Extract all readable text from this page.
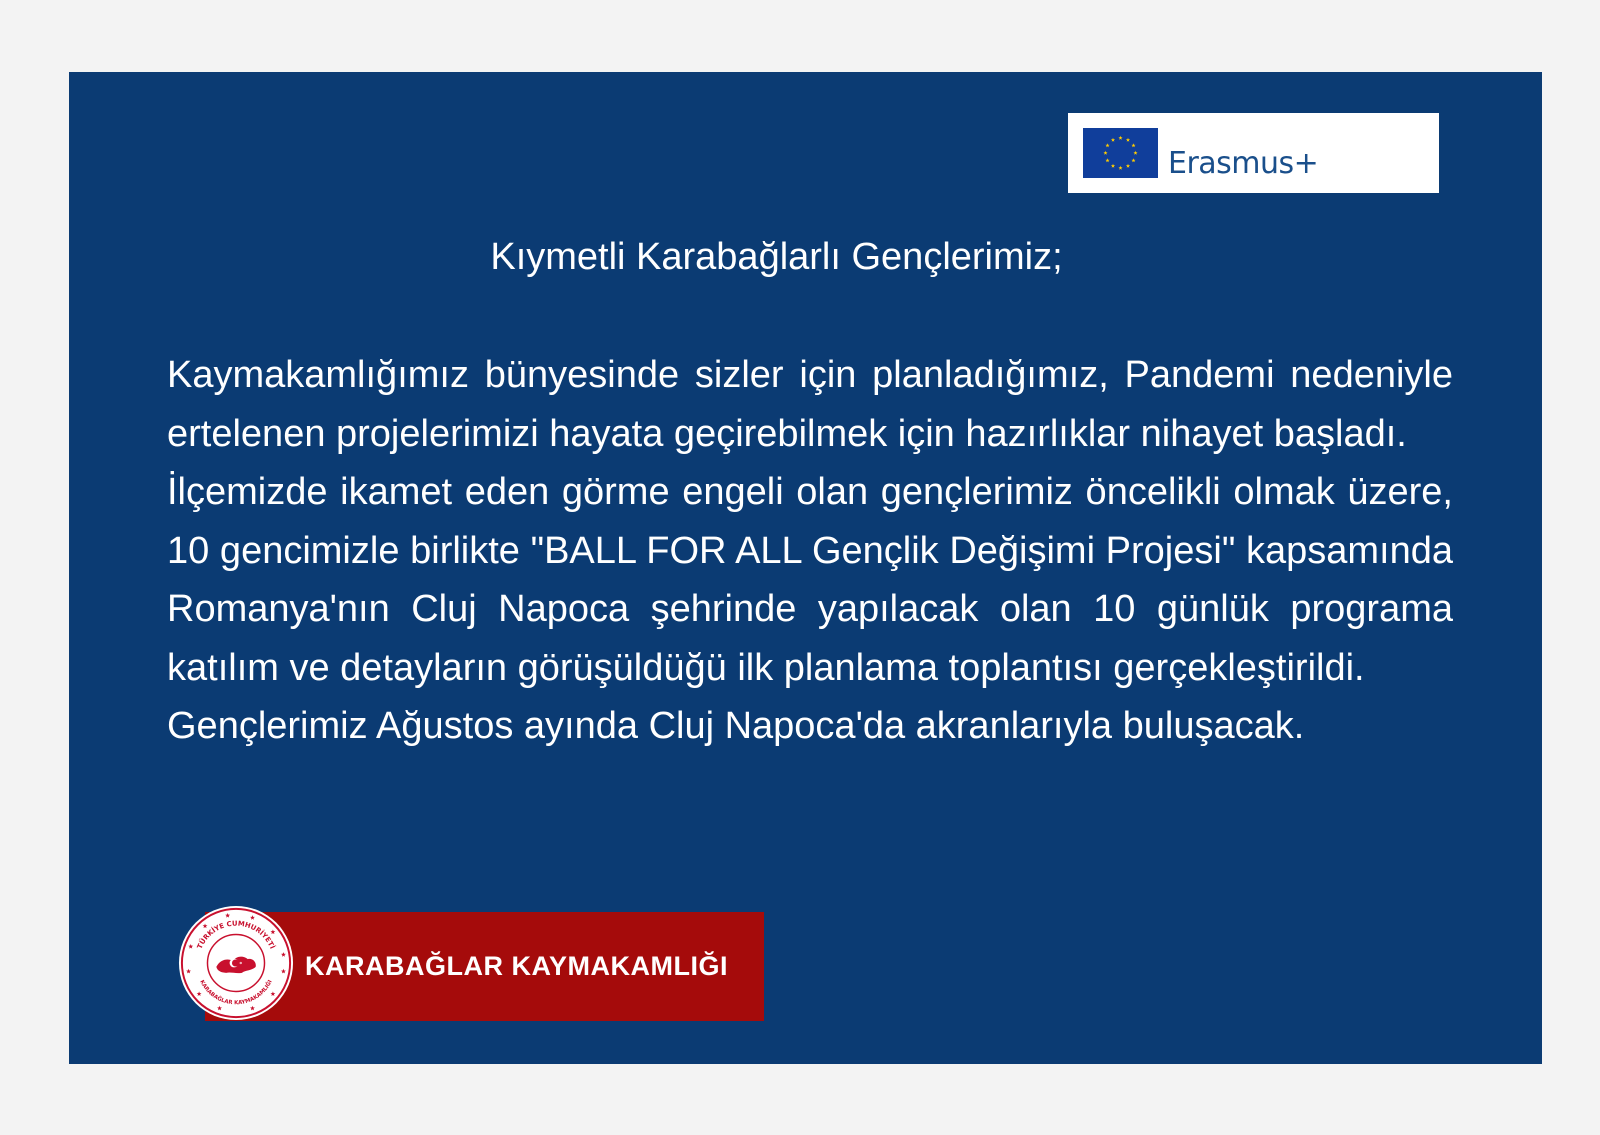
Erasmus+
Kıymetli Karabağlarlı Gençlerimiz;

Kaymakamlığımız bünyesinde sizler için planladığımız, Pandemi nedeniyle ertelenen projelerimizi hayata geçirebilmek için hazırlıklar nihayet başladı.

İlçemizde ikamet eden görme engeli olan gençlerimiz öncelikli olmak üzere, 10 gencimizle birlikte "BALL FOR ALL Gençlik Değişimi Projesi" kapsamında Romanya'nın Cluj Napoca şehrinde yapılacak olan 10 günlük programa katılım ve detayların görüşüldüğü ilk planlama toplantısı gerçekleştirildi.

Gençlerimiz Ağustos ayında Cluj Napoca'da akranlarıyla buluşacak.

KARABAĞLAR KAYMAKAMLIĞI
TÜRKİYE CUMHURİYETİ
KARABAĞLAR KAYMAKAMLIĞI
